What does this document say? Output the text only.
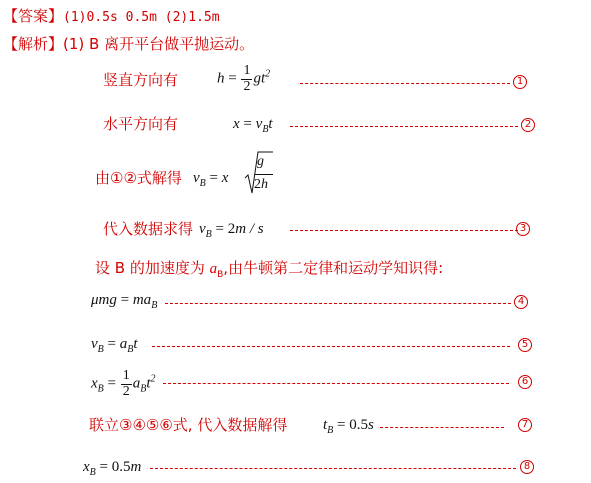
【答案】(1)0.5s 0.5m (2)1.5m
【解析】(1) B 离开平台做平抛运动。
竖直方向有	$h = \frac{1}{2} gt^2$
1
水平方向有	$x = v_Bt$	2
由①②式解得 $v_B = x$
g
2h
代入数据求得 $v_B = 2m / s$	3
设 B 的加速度为 $a_B$,由牛顿第二定律和运动学知识得:
$\mu mg = ma_B$	4
$v_B = a_Bt$	5
$x_B = \frac{1}{2} a_Bt^2$	6
联立③④⑤⑥式, 代入数据解得 $t_B = 0.5s$	7
$x_B = 0.5m$	8
